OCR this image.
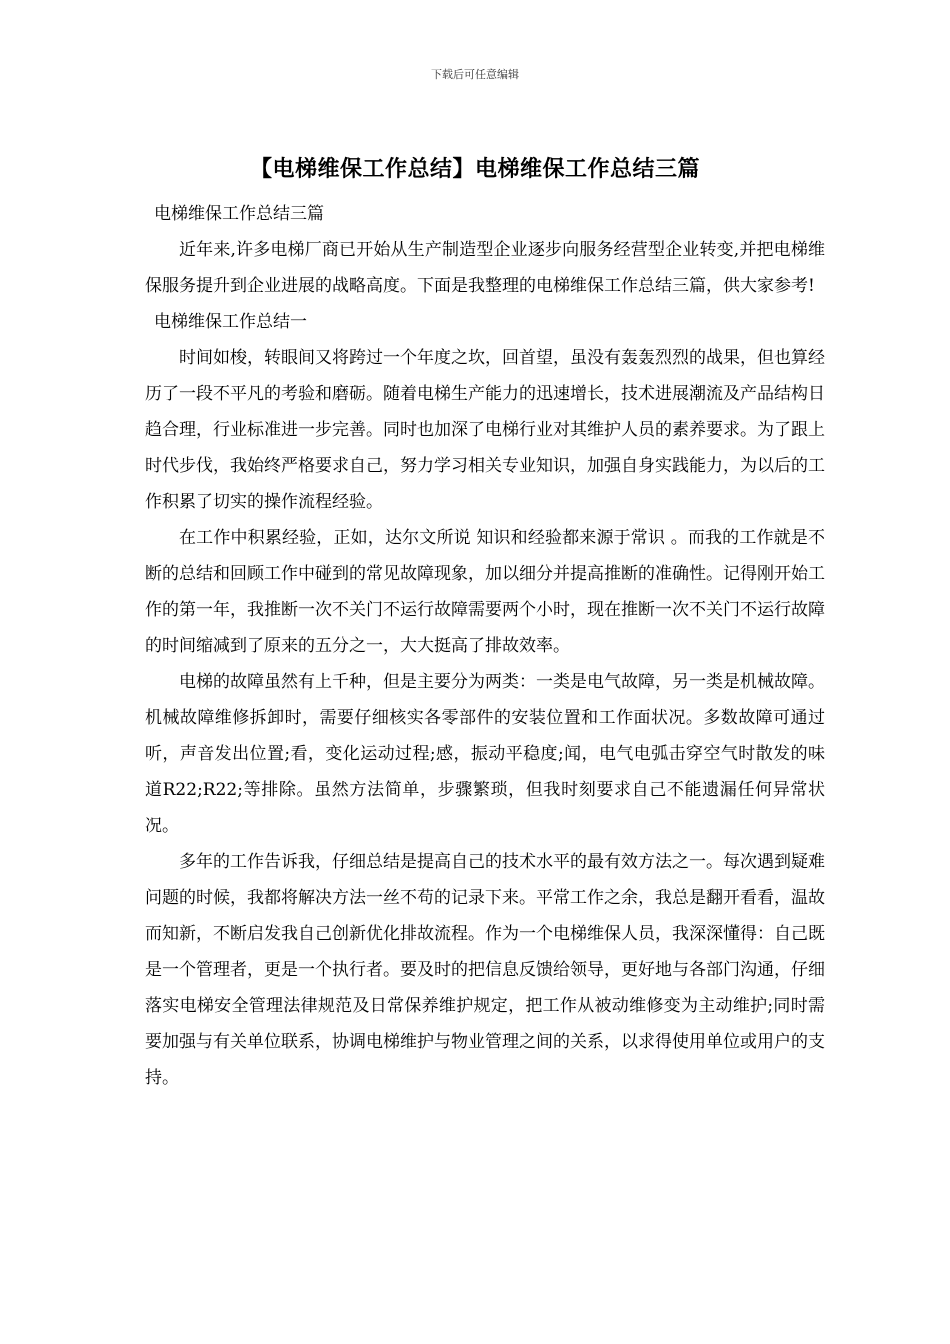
下载后可任意编辑
【电梯维保工作总结】电梯维保工作总结三篇

电梯维保工作总结三篇

近年来,许多电梯厂商已开始从生产制造型企业逐步向服务经营型企业转变,并把电梯维保服务提升到企业进展的战略高度。下面是我整理的电梯维保工作总结三篇，供大家参考!

电梯维保工作总结一

时间如梭，转眼间又将跨过一个年度之坎，回首望，虽没有轰轰烈烈的战果，但也算经历了一段不平凡的考验和磨砺。随着电梯生产能力的迅速增长，技术进展潮流及产品结构日趋合理，行业标准进一步完善。同时也加深了电梯行业对其维护人员的素养要求。为了跟上时代步伐，我始终严格要求自己，努力学习相关专业知识，加强自身实践能力，为以后的工作积累了切实的操作流程经验。

在工作中积累经验，正如，达尔文所说 知识和经验都来源于常识 。而我的工作就是不断的总结和回顾工作中碰到的常见故障现象，加以细分并提高推断的准确性。记得刚开始工作的第一年，我推断一次不关门不运行故障需要两个小时，现在推断一次不关门不运行故障的时间缩减到了原来的五分之一，大大挺高了排故效率。

电梯的故障虽然有上千种，但是主要分为两类：一类是电气故障，另一类是机械故障。机械故障维修拆卸时，需要仔细核实各零部件的安装位置和工作面状况。多数故障可通过听，声音发出位置;看，变化运动过程;感，振动平稳度;闻，电气电弧击穿空气时散发的味道R22;R22;等排除。虽然方法简单，步骤繁琐，但我时刻要求自己不能遗漏任何异常状况。

多年的工作告诉我，仔细总结是提高自己的技术水平的最有效方法之一。每次遇到疑难问题的时候，我都将解决方法一丝不苟的记录下来。平常工作之余，我总是翻开看看，温故而知新，不断启发我自己创新优化排故流程。作为一个电梯维保人员，我深深懂得：自己既是一个管理者，更是一个执行者。要及时的把信息反馈给领导，更好地与各部门沟通，仔细落实电梯安全管理法律规范及日常保养维护规定，把工作从被动维修变为主动维护;同时需要加强与有关单位联系，协调电梯维护与物业管理之间的关系，以求得使用单位或用户的支持。
